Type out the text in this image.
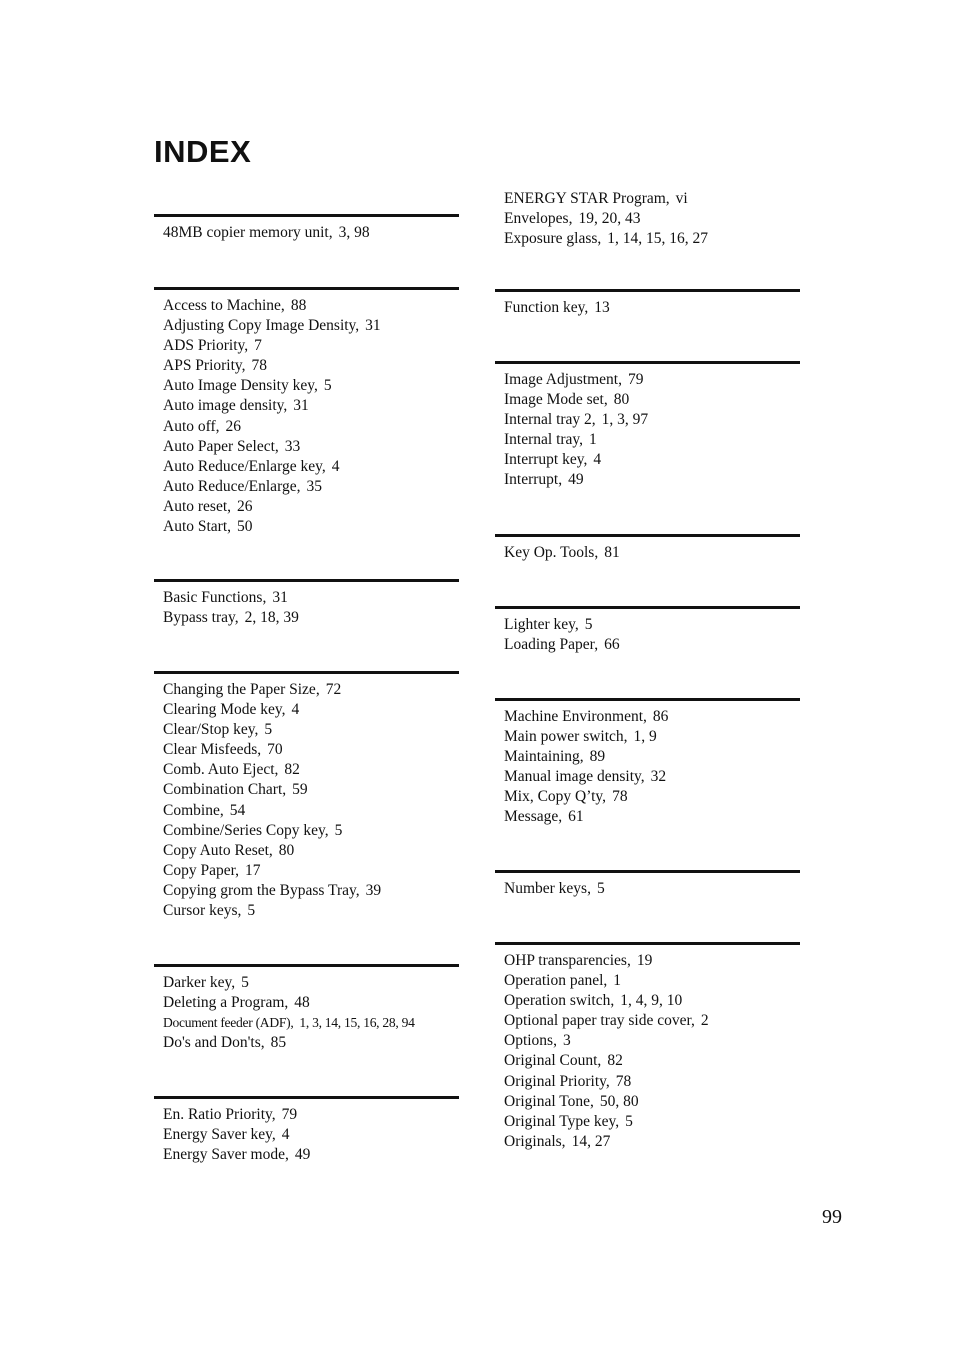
INDEX
48MB copier memory unit, 3, 98
Access to Machine, 88
Adjusting Copy Image Density, 31
ADS Priority, 7
APS Priority, 78
Auto Image Density key, 5
Auto image density, 31
Auto off, 26
Auto Paper Select, 33
Auto Reduce/Enlarge key, 4
Auto Reduce/Enlarge, 35
Auto reset, 26
Auto Start, 50
Basic Functions, 31
Bypass tray, 2, 18, 39
Changing the Paper Size, 72
Clearing Mode key, 4
Clear/Stop key, 5
Clear Misfeeds, 70
Comb. Auto Eject, 82
Combination Chart, 59
Combine, 54
Combine/Series Copy key, 5
Copy Auto Reset, 80
Copy Paper, 17
Copying grom the Bypass Tray, 39
Cursor keys, 5
Darker key, 5
Deleting a Program, 48
Document feeder (ADF), 1, 3, 14, 15, 16, 28, 94
Do's and Don'ts, 85
En. Ratio Priority, 79
Energy Saver key, 4
Energy Saver mode, 49
ENERGY STAR Program, vi
Envelopes, 19, 20, 43
Exposure glass, 1, 14, 15, 16, 27
Function key, 13
Image Adjustment, 79
Image Mode set, 80
Internal tray 2, 1, 3, 97
Internal tray, 1
Interrupt key, 4
Interrupt, 49
Key Op. Tools, 81
Lighter key, 5
Loading Paper, 66
Machine Environment, 86
Main power switch, 1, 9
Maintaining, 89
Manual image density, 32
Mix, Copy Q’ty, 78
Message, 61
Number keys, 5
OHP transparencies, 19
Operation panel, 1
Operation switch, 1, 4, 9, 10
Optional paper tray side cover, 2
Options, 3
Original Count, 82
Original Priority, 78
Original Tone, 50, 80
Original Type key, 5
Originals, 14, 27
99
